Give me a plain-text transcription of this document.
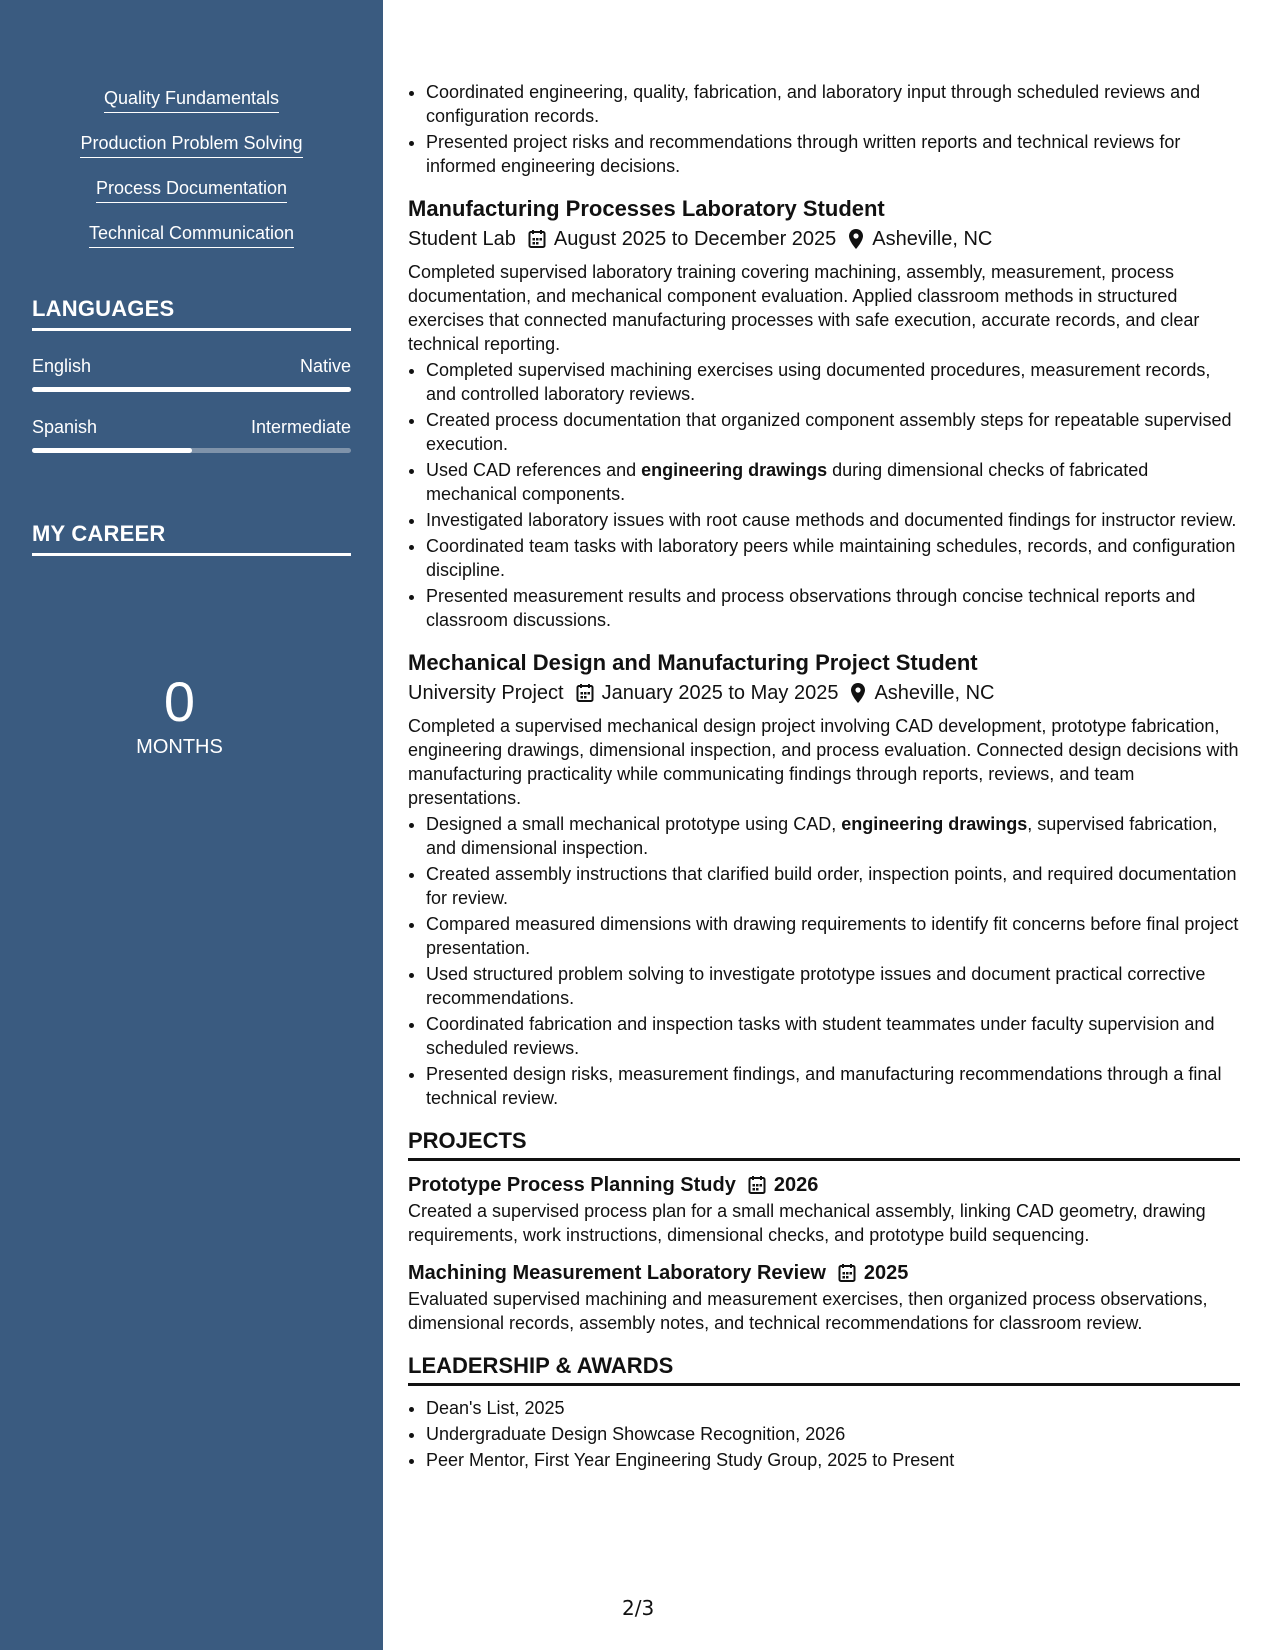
Quality Fundamentals
Production Problem Solving
Process Documentation
Technical Communication
LANGUAGES
English	Native
Spanish	Intermediate
MY CAREER
0
MONTHS
• Coordinated engineering, quality, fabrication, and laboratory input through scheduled reviews and configuration records.
• Presented project risks and recommendations through written reports and technical reviews for informed engineering decisions.
Manufacturing Processes Laboratory Student
Student Lab August 2025 to December 2025 Asheville, NC
Completed supervised laboratory training covering machining, assembly, measurement, process documentation, and mechanical component evaluation. Applied classroom methods in structured exercises that connected manufacturing processes with safe execution, accurate records, and clear technical reporting.
• Completed supervised machining exercises using documented procedures, measurement records, and controlled laboratory reviews.
• Created process documentation that organized component assembly steps for repeatable supervised execution.
• Used CAD references and engineering drawings during dimensional checks of fabricated mechanical components.
• Investigated laboratory issues with root cause methods and documented findings for instructor review.
• Coordinated team tasks with laboratory peers while maintaining schedules, records, and configuration discipline.
• Presented measurement results and process observations through concise technical reports and classroom discussions.
Mechanical Design and Manufacturing Project Student
University Project January 2025 to May 2025 Asheville, NC
Completed a supervised mechanical design project involving CAD development, prototype fabrication, engineering drawings, dimensional inspection, and process evaluation. Connected design decisions with manufacturing practicality while communicating findings through reports, reviews, and team presentations.
• Designed a small mechanical prototype using CAD, engineering drawings, supervised fabrication, and dimensional inspection.
• Created assembly instructions that clarified build order, inspection points, and required documentation for review.
• Compared measured dimensions with drawing requirements to identify fit concerns before final project presentation.
• Used structured problem solving to investigate prototype issues and document practical corrective recommendations.
• Coordinated fabrication and inspection tasks with student teammates under faculty supervision and scheduled reviews.
• Presented design risks, measurement findings, and manufacturing recommendations through a final technical review.
PROJECTS
Prototype Process Planning Study 2026
Created a supervised process plan for a small mechanical assembly, linking CAD geometry, drawing requirements, work instructions, dimensional checks, and prototype build sequencing.
Machining Measurement Laboratory Review 2025
Evaluated supervised machining and measurement exercises, then organized process observations, dimensional records, assembly notes, and technical recommendations for classroom review.
LEADERSHIP & AWARDS
• Dean's List, 2025
• Undergraduate Design Showcase Recognition, 2026
• Peer Mentor, First Year Engineering Study Group, 2025 to Present
2/3
